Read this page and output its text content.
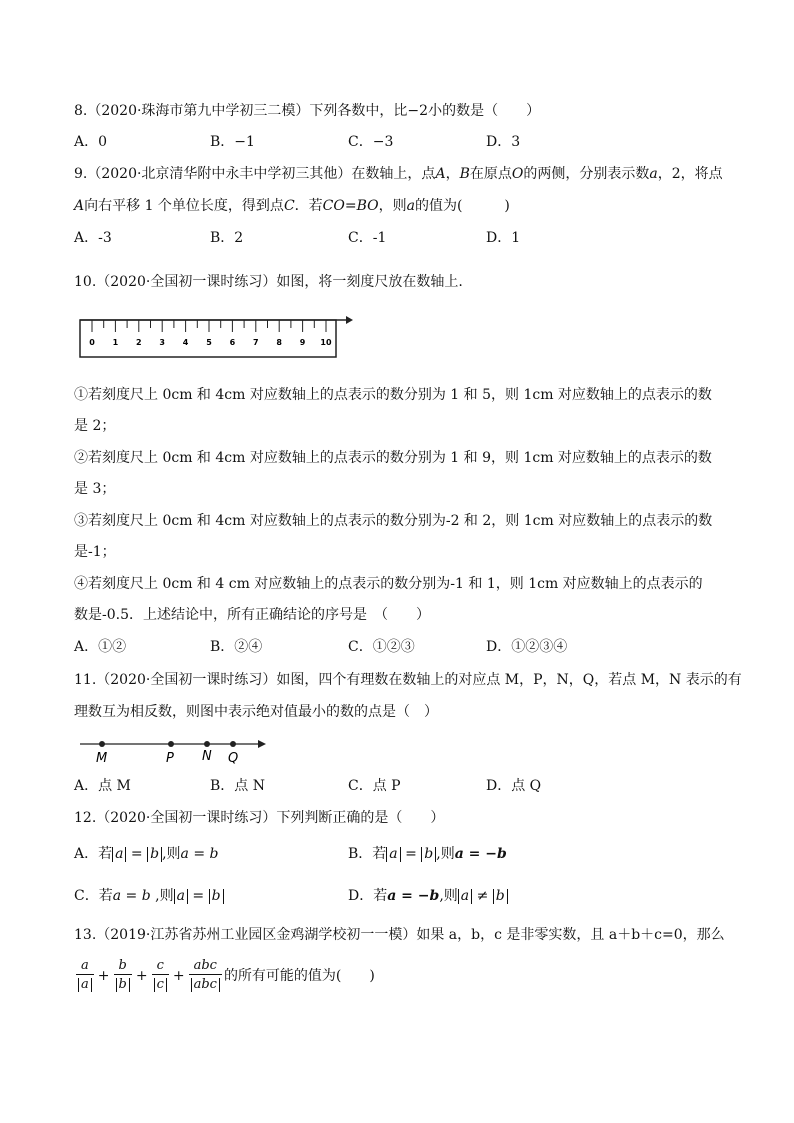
8.（2020·珠海市第九中学初三二模）下列各数中，比−2小的数是（　　）
A．0	B．−1	C．−3	D．3
9.（2020·北京清华附中永丰中学初三其他）在数轴上，点A，B在原点O的两侧，分别表示数a，2，将点
A向右平移 1 个单位长度，得到点C．若CO=BO，则a的值为(　　　)
A．-3	B．2	C．-1	D．1
10.（2020·全国初一课时练习）如图，将一刻度尺放在数轴上.
0 1 2 3 4 5 6 7 8 9 10
①若刻度尺上 0cm 和 4cm 对应数轴上的点表示的数分别为 1 和 5，则 1cm 对应数轴上的点表示的数
是 2；
②若刻度尺上 0cm 和 4cm 对应数轴上的点表示的数分别为 1 和 9，则 1cm 对应数轴上的点表示的数
是 3；
③若刻度尺上 0cm 和 4cm 对应数轴上的点表示的数分别为-2 和 2，则 1cm 对应数轴上的点表示的数
是-1；
④若刻度尺上 0cm 和 4 cm 对应数轴上的点表示的数分别为-1 和 1，则 1cm 对应数轴上的点表示的
数是-0.5．上述结论中，所有正确结论的序号是　（　　）
A．①②	B．②④	C．①②③	D．①②③④
11.（2020·全国初一课时练习）如图，四个有理数在数轴上的对应点 M，P，N，Q，若点 M，N 表示的有
理数互为相反数，则图中表示绝对值最小的数的点是（　）
M	P N Q
A．点 M	B．点 N	C．点 P	D．点 Q
12.（2020·全国初一课时练习）下列判断正确的是（　　）
A．若 a = b ,则a = b	B．若 a = b ,则a = −b
C．若a = b ,则 a = b	D．若a = −b,则 a ≠ b
13.（2019·江苏省苏州工业园区金鸡湖学校初一一模）如果 a，b，c 是非零实数，且 a＋b＋c=0，那么
$\frac{a}{a} + \frac{b}{b} + \frac{c}{c} + \frac{\text{abc}}{\text{abc}}$ 的所有可能的值为(　　)
